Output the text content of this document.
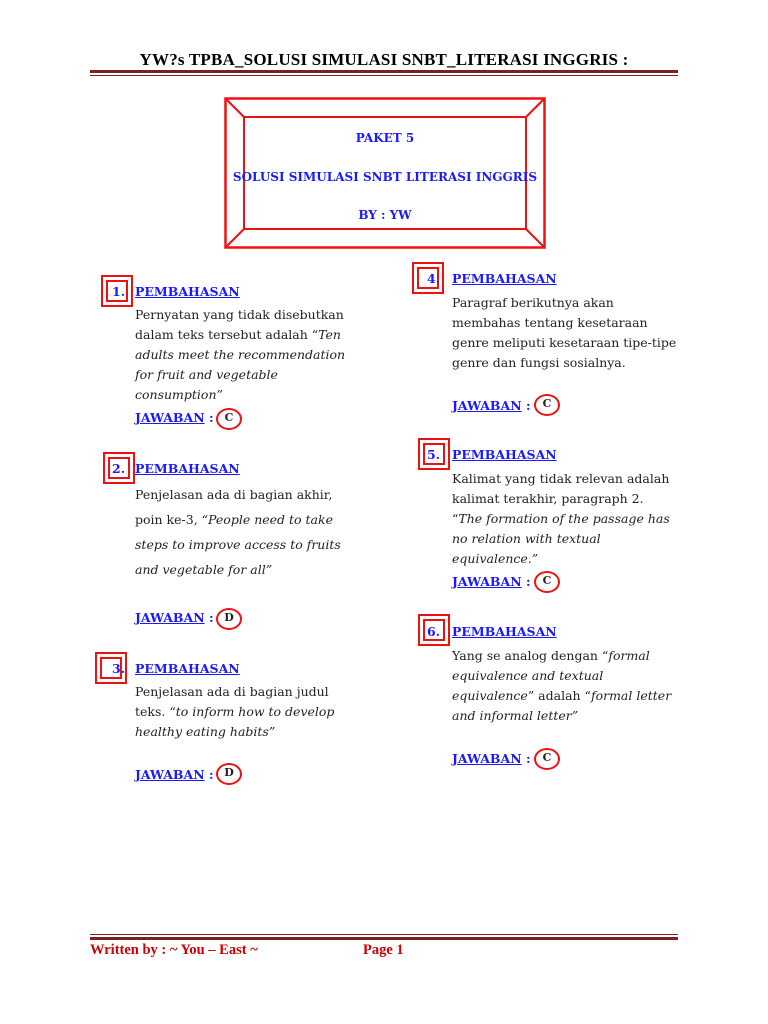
YW?s TPBA_SOLUSI SIMULASI SNBT_LITERASI INGGRIS :
PAKET 5
SOLUSI SIMULASI SNBT LITERASI INGGRIS
BY : YW
1. PEMBAHASAN
Pernyatan yang tidak disebutkan dalam teks tersebut adalah “Ten adults meet the recommendation for fruit and vegetable consumption”
JAWABAN :	C
2. PEMBAHASAN
Penjelasan ada di bagian akhir, poin ke-3, “People need to take steps to improve access to fruits and vegetable for all”
JAWABAN : D
3. PEMBAHASAN
Penjelasan ada di bagian judul teks. “to inform how to develop healthy eating habits”
JAWABAN : D
4. PEMBAHASAN
Paragraf berikutnya akan membahas tentang kesetaraan genre meliputi kesetaraan tipe-tipe genre dan fungsi sosialnya.
JAWABAN :	C
5. PEMBAHASAN
Kalimat yang tidak relevan adalah kalimat terakhir, paragraph 2. “The formation of the passage has no relation with textual equivalence.”
JAWABAN :	C
6. PEMBAHASAN
Yang se analog dengan “formal equivalence and textual equivalence” adalah “formal letter and informal letter”
JAWABAN :	C
Written by : ~ You – East ~	Page 1
